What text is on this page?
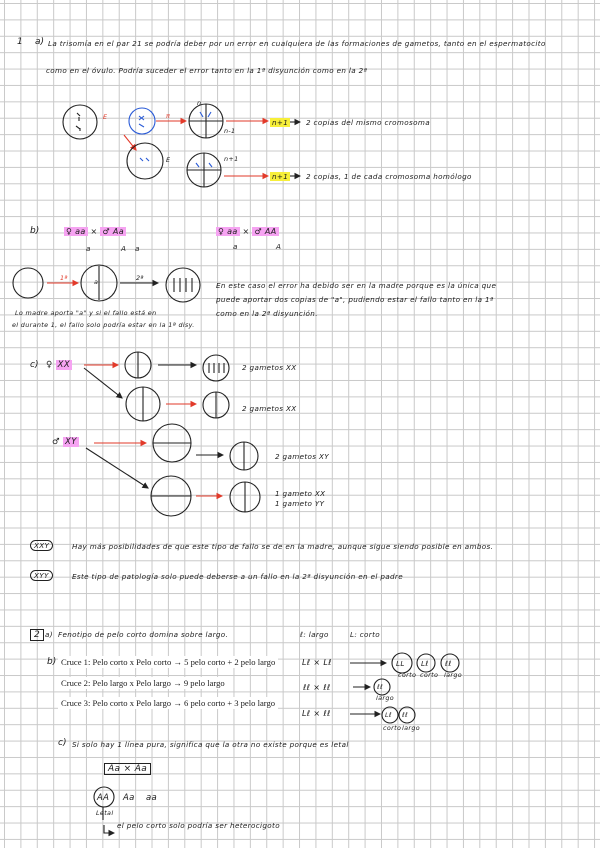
1 a) La trisomía en el par 21 se podría deber por un error en cualquiera de las formaciones de gametos, tanto en el espermatocito
como en el óvulo. Podría suceder el error tanto en la 1ª disyunción como en la 2ª
E	π
n
n-1
E	n+1
n+1 2 copias del mismo cromosoma
n+1 2 copias, 1 de cada cromosoma homólogo
b)	♀ aa × ♂ Aa
a	A a
♀ aa × ♂ AA
a	A
1ª	2ª
a	En este caso el error ha debido ser en la madre porque es la única que
puede aportar dos copias de "a", pudiendo estar el fallo tanto en la 1ª
como en la 2ª disyunción.
Lo madre aporta "a" y si el fallo está en
el durante 1, el fallo solo podría estar en la 1ª disy.
c) ♀ XX
♂ XY
2 gametos XX
2 gametos XX
2 gametos XY
1 gameto XX
1 gameto YY
XXY	Hay más posibilidades de que este tipo de fallo se de en la madre, aunque sigue siendo posible en ambos.
XYY	Este tipo de patología solo puede deberse a un fallo en la 2ª disyunción en el padre
2 a) Fenotipo de pelo corto domina sobre largo.	ℓ: largo	L: corto
b) Cruce 1: Pelo corto x Pelo corto → 5 pelo corto + 2 pelo largo
Cruce 2: Pelo largo x Pelo largo → 9 pelo largo
Cruce 3: Pelo corto x Pelo largo → 6 pelo corto + 3 pelo largo
Lℓ × Lℓ	LL Lℓ ℓℓ
corto corto largo
ℓℓ × ℓℓ	ℓℓ
largo
Lℓ × ℓℓ	Lℓ ℓℓ
corto largo
c) Si solo hay 1 línea pura, significa que la otra no existe porque es letal
Aa × Aa
AA Aa aa
Letal
el pelo corto solo podría ser heterocigoto
